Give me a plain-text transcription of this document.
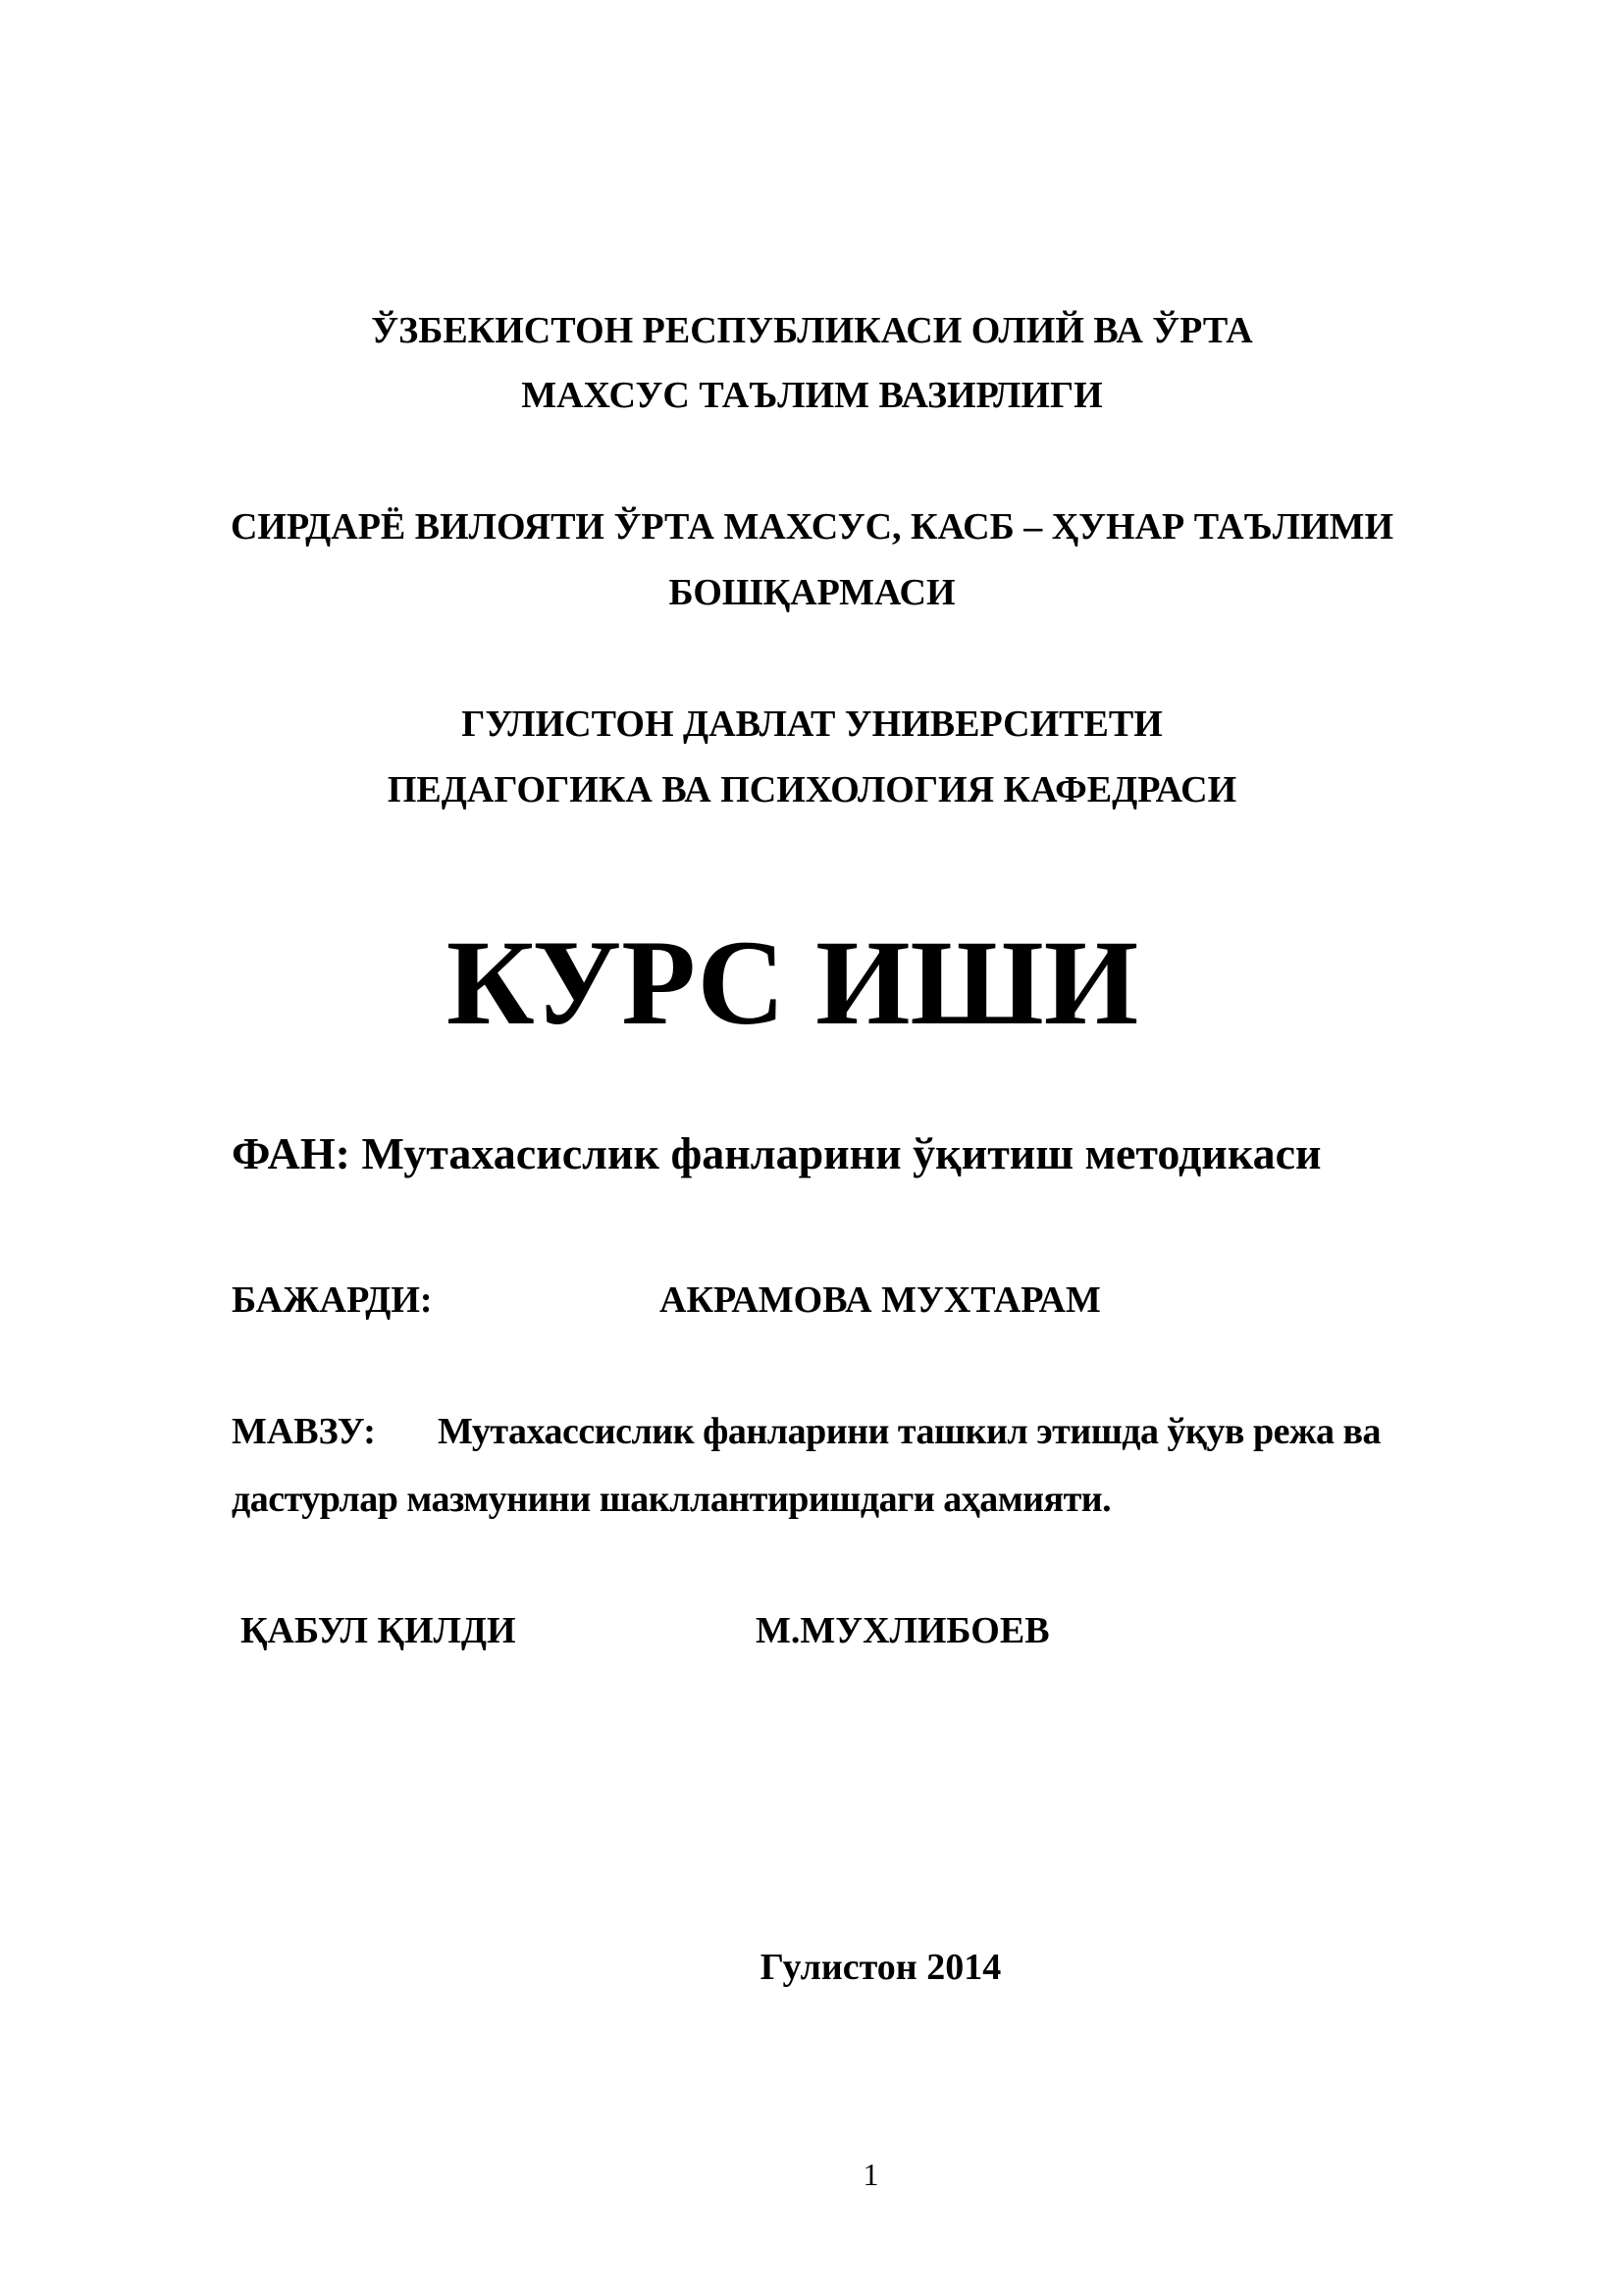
ЎЗБЕКИСТОН РЕСПУБЛИКАСИ ОЛИЙ ВА ЎРТА
МАХСУС ТАЪЛИМ ВАЗИРЛИГИ
СИРДАРЁ ВИЛОЯТИ ЎРТА МАХСУС, КАСБ – ҲУНАР ТАЪЛИМИ
БОШҚАРМАСИ
ГУЛИСТОН ДАВЛАТ УНИВЕРСИТЕТИ
ПЕДАГОГИКА ВА ПСИХОЛОГИЯ КАФЕДРАСИ
КУРС ИШИ
ФАН: Мутахасислик фанларини ўқитиш методикаси
БАЖАРДИ:	АКРАМОВА МУХТАРАМ
МАВЗУ: Мутахассислик фанларини ташкил этишда ўқув режа ва
дастурлар мазмунини шакллантиришдаги аҳамияти.
ҚАБУЛ ҚИЛДИ	М.МУХЛИБОЕВ
Гулистон 2014
1
